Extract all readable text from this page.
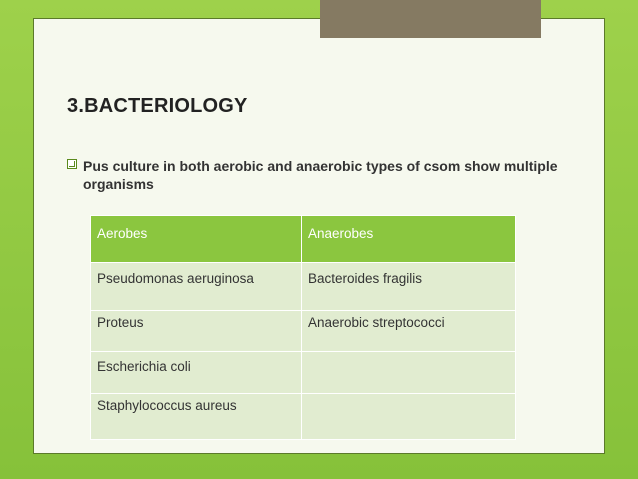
3.BACTERIOLOGY
Pus culture in both aerobic and anaerobic types of csom show multiple organisms
Aerobes	Anaerobes
Pseudomonas aeruginosa	Bacteroides fragilis
Proteus	Anaerobic streptococci
Escherichia coli	
Staphylococcus aureus	
